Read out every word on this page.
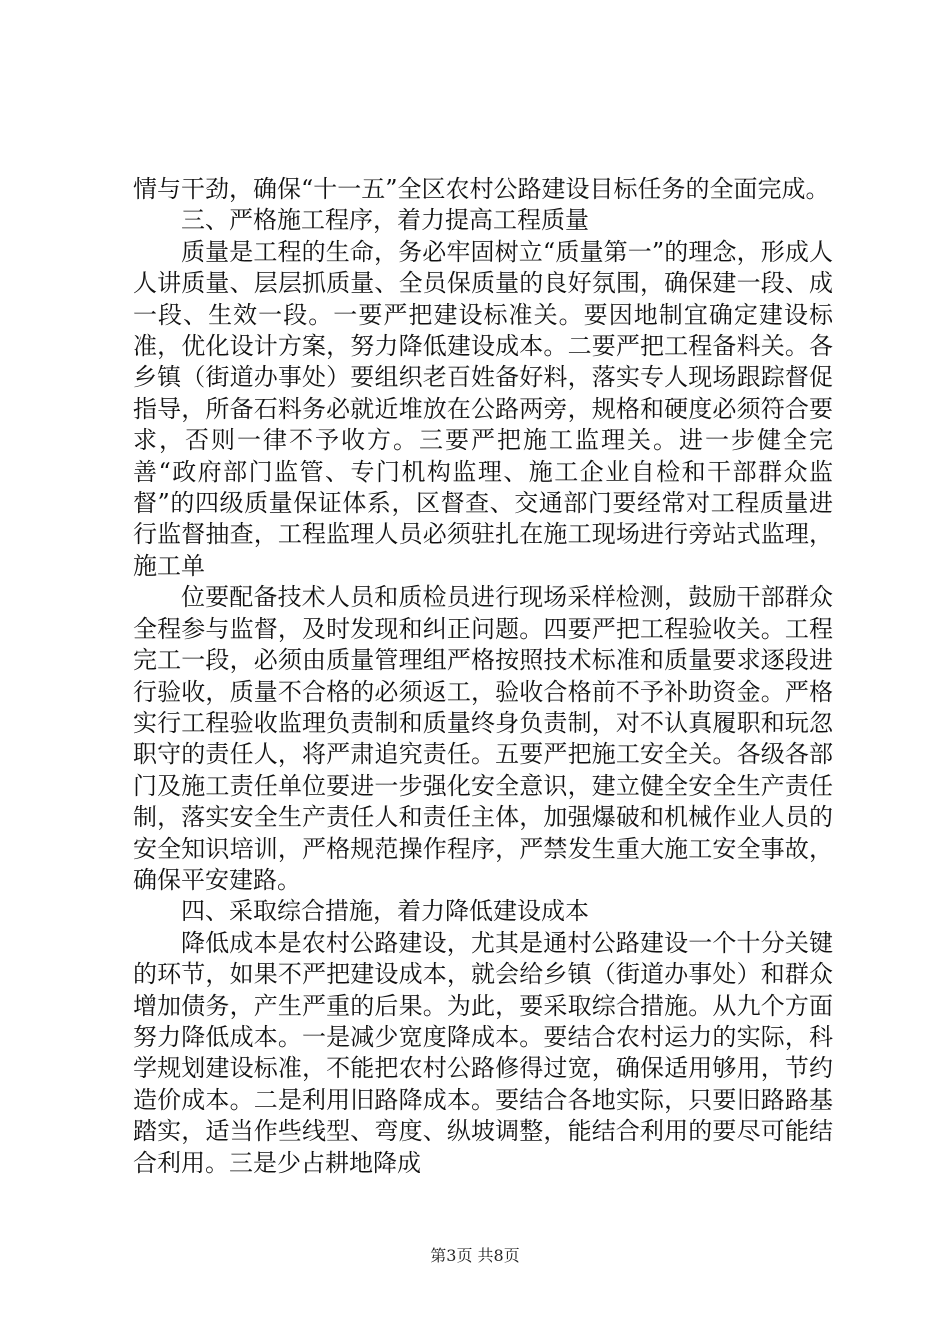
情与干劲，确保“十一五”全区农村公路建设目标任务的全面完成。

三、严格施工程序，着力提高工程质量

质量是工程的生命，务必牢固树立“质量第一”的理念，形成人人讲质量、层层抓质量、全员保质量的良好氛围，确保建一段、成一段、生效一段。一要严把建设标准关。要因地制宜确定建设标准，优化设计方案，努力降低建设成本。二要严把工程备料关。各乡镇（街道办事处）要组织老百姓备好料，落实专人现场跟踪督促指导，所备石料务必就近堆放在公路两旁，规格和硬度必须符合要求，否则一律不予收方。三要严把施工监理关。进一步健全完善“政府部门监管、专门机构监理、施工企业自检和干部群众监督”的四级质量保证体系，区督查、交通部门要经常对工程质量进行监督抽查，工程监理人员必须驻扎在施工现场进行旁站式监理，施工单

位要配备技术人员和质检员进行现场采样检测，鼓励干部群众全程参与监督，及时发现和纠正问题。四要严把工程验收关。工程完工一段，必须由质量管理组严格按照技术标准和质量要求逐段进行验收，质量不合格的必须返工，验收合格前不予补助资金。严格实行工程验收监理负责制和质量终身负责制，对不认真履职和玩忽职守的责任人，将严肃追究责任。五要严把施工安全关。各级各部门及施工责任单位要进一步强化安全意识，建立健全安全生产责任制，落实安全生产责任人和责任主体，加强爆破和机械作业人员的安全知识培训，严格规范操作程序，严禁发生重大施工安全事故，确保平安建路。

四、采取综合措施，着力降低建设成本

降低成本是农村公路建设，尤其是通村公路建设一个十分关键的环节，如果不严把建设成本，就会给乡镇（街道办事处）和群众增加债务，产生严重的后果。为此，要采取综合措施。从九个方面努力降低成本。一是减少宽度降成本。要结合农村运力的实际，科学规划建设标准，不能把农村公路修得过宽，确保适用够用，节约造价成本。二是利用旧路降成本。要结合各地实际，只要旧路路基踏实，适当作些线型、弯度、纵坡调整，能结合利用的要尽可能结合利用。三是少占耕地降成

第3页 共8页
